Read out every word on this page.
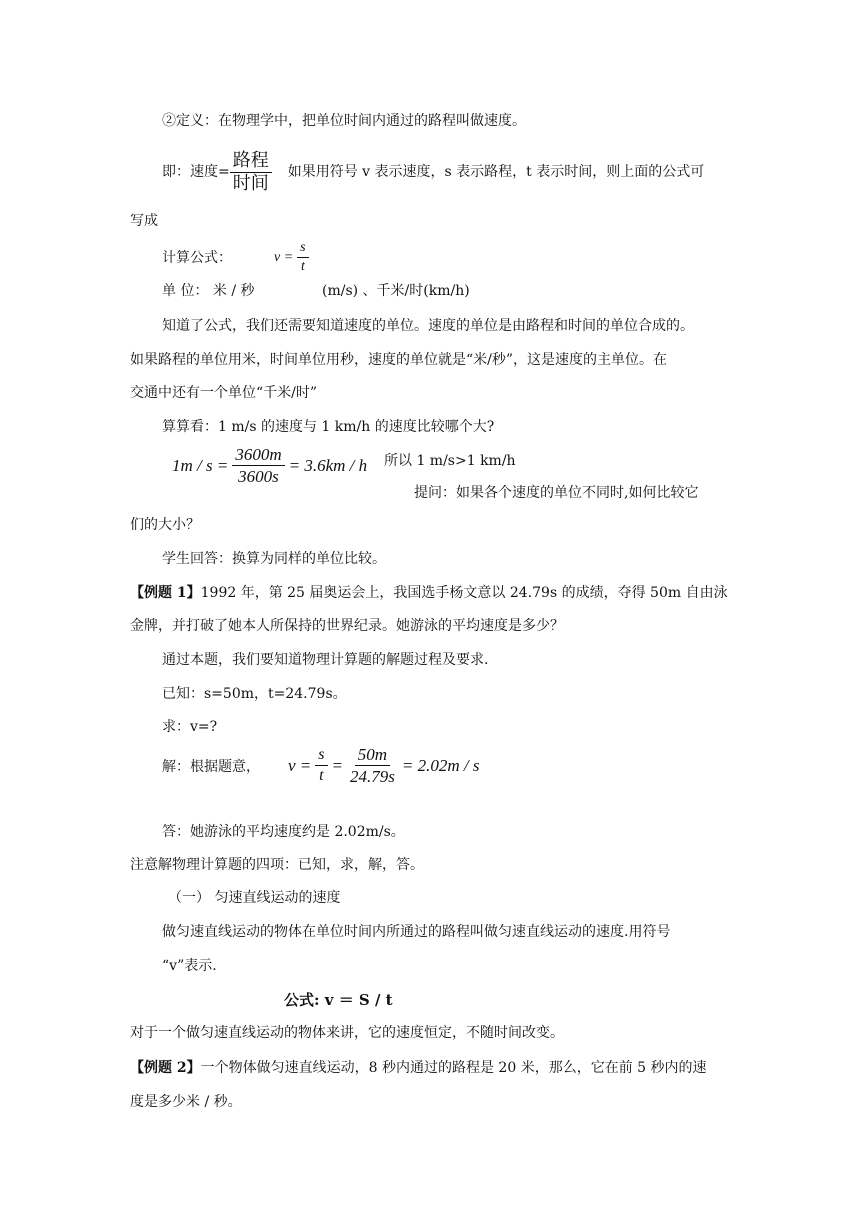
②定义：在物理学中，把单位时间内通过的路程叫做速度。
即：速度= $\frac{\text{路程}}{\text{时间}}$ 如果用符号 v 表示速度，s 表示路程，t 表示时间，则上面的公式可
写成
计算公式：	$v = \frac{s}{t}$
单 位： 米 / 秒	(m/s) 、千米/时(km/h)
知道了公式，我们还需要知道速度的单位。速度的单位是由路程和时间的单位合成的。
如果路程的单位用米，时间单位用秒，速度的单位就是“米/秒”，这是速度的主单位。在
交通中还有一个单位“千米/时”
算算看：1 m/s 的速度与 1 km/h 的速度比较哪个大?
$1m / s = \frac{3600m}{3600s} = 3.6km / h$ 所以 1 m/s>1 km/h
提问：如果各个速度的单位不同时,如何比较它
们的大小？
学生回答：换算为同样的单位比较。
【例题 1】1992 年，第 25 届奥运会上，我国选手杨文意以 24.79s 的成绩，夺得 50m 自由泳
金牌，并打破了她本人所保持的世界纪录。她游泳的平均速度是多少？
通过本题，我们要知道物理计算题的解题过程及要求.
已知：s=50m，t=24.79s。
求：v=?
解：根据题意， $v = \frac{s}{t} = \frac{50m}{24.79s} = 2.02m / s$
答：她游泳的平均速度约是 2.02m/s。
注意解物理计算题的四项：已知，求，解，答。
（一） 匀速直线运动的速度
做匀速直线运动的物体在单位时间内所通过的路程叫做匀速直线运动的速度.用符号
“v”表示.
公式: v ＝ S / t
对于一个做匀速直线运动的物体来讲，它的速度恒定，不随时间改变。
【例题 2】一个物体做匀速直线运动，8 秒内通过的路程是 20 米，那么，它在前 5 秒内的速
度是多少米 / 秒。
